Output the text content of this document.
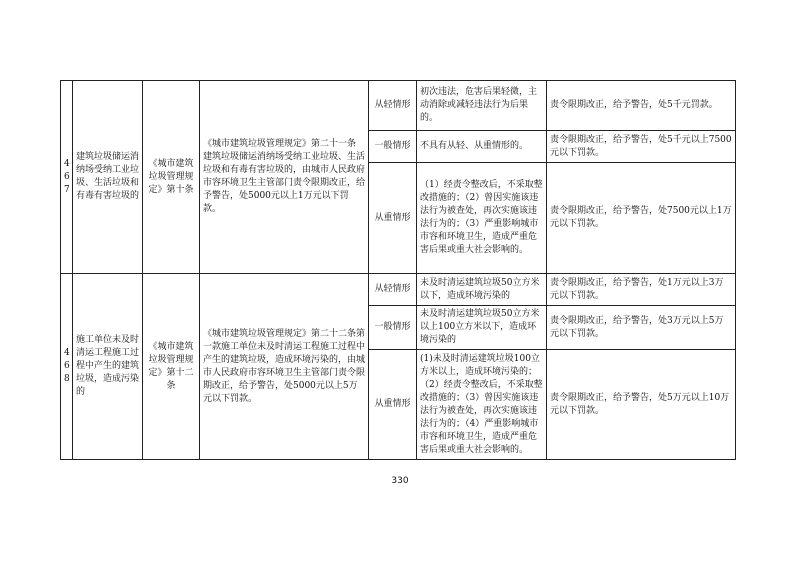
467	建筑垃圾储运消纳场受纳工业垃圾、生活垃圾和有毒有害垃圾的	《城市建筑垃圾管理规定》第十条	《城市建筑垃圾管理规定》第二十一条 建筑垃圾储运消纳场受纳工业垃圾、生活垃圾和有毒有害垃圾的，由城市人民政府市容环境卫生主管部门责令限期改正，给予警告，处5000元以上1万元以下罚款。	从轻情形	初次违法，危害后果轻微，主动消除或减轻违法行为后果的。	责令限期改正，给予警告，处5千元罚款。
				一般情形	不具有从轻、从重情形的。	责令限期改正，给予警告，处5千元以上7500元以下罚款。
				从重情形	（1）经责令整改后，不采取整改措施的；（2）曾因实施该违法行为被查处，再次实施该违法行为的；（3）严重影响城市市容和环境卫生，造成严重危害后果或重大社会影响的。	责令限期改正，给予警告，处7500元以上1万元以下罚款。
468	施工单位未及时清运工程施工过程中产生的建筑垃圾，造成污染的	《城市建筑垃圾管理规定》第十二条	《城市建筑垃圾管理规定》第二十二条第一款施工单位未及时清运工程施工过程中产生的建筑垃圾，造成环境污染的，由城市人民政府市容环境卫生主管部门责令限期改正，给予警告，处5000元以上5万元以下罚款。	从轻情形	未及时清运建筑垃圾50立方米以下，造成环境污染的	责令限期改正，给予警告，处1万元以上3万元以下罚款。
				一般情形	未及时清运建筑垃圾50立方米以上100立方米以下，造成环境污染的	责令限期改正，给予警告，处3万元以上5万元以下罚款。
				从重情形	(1)未及时清运建筑垃圾100立方米以上，造成环境污染的；（2）经责令整改后，不采取整改措施的；（3）曾因实施该违法行为被查处，再次实施该违法行为的；（4）严重影响城市市容和环境卫生，造成严重危害后果或重大社会影响的。	责令限期改正，给予警告，处5万元以上10万元以下罚款。
330
